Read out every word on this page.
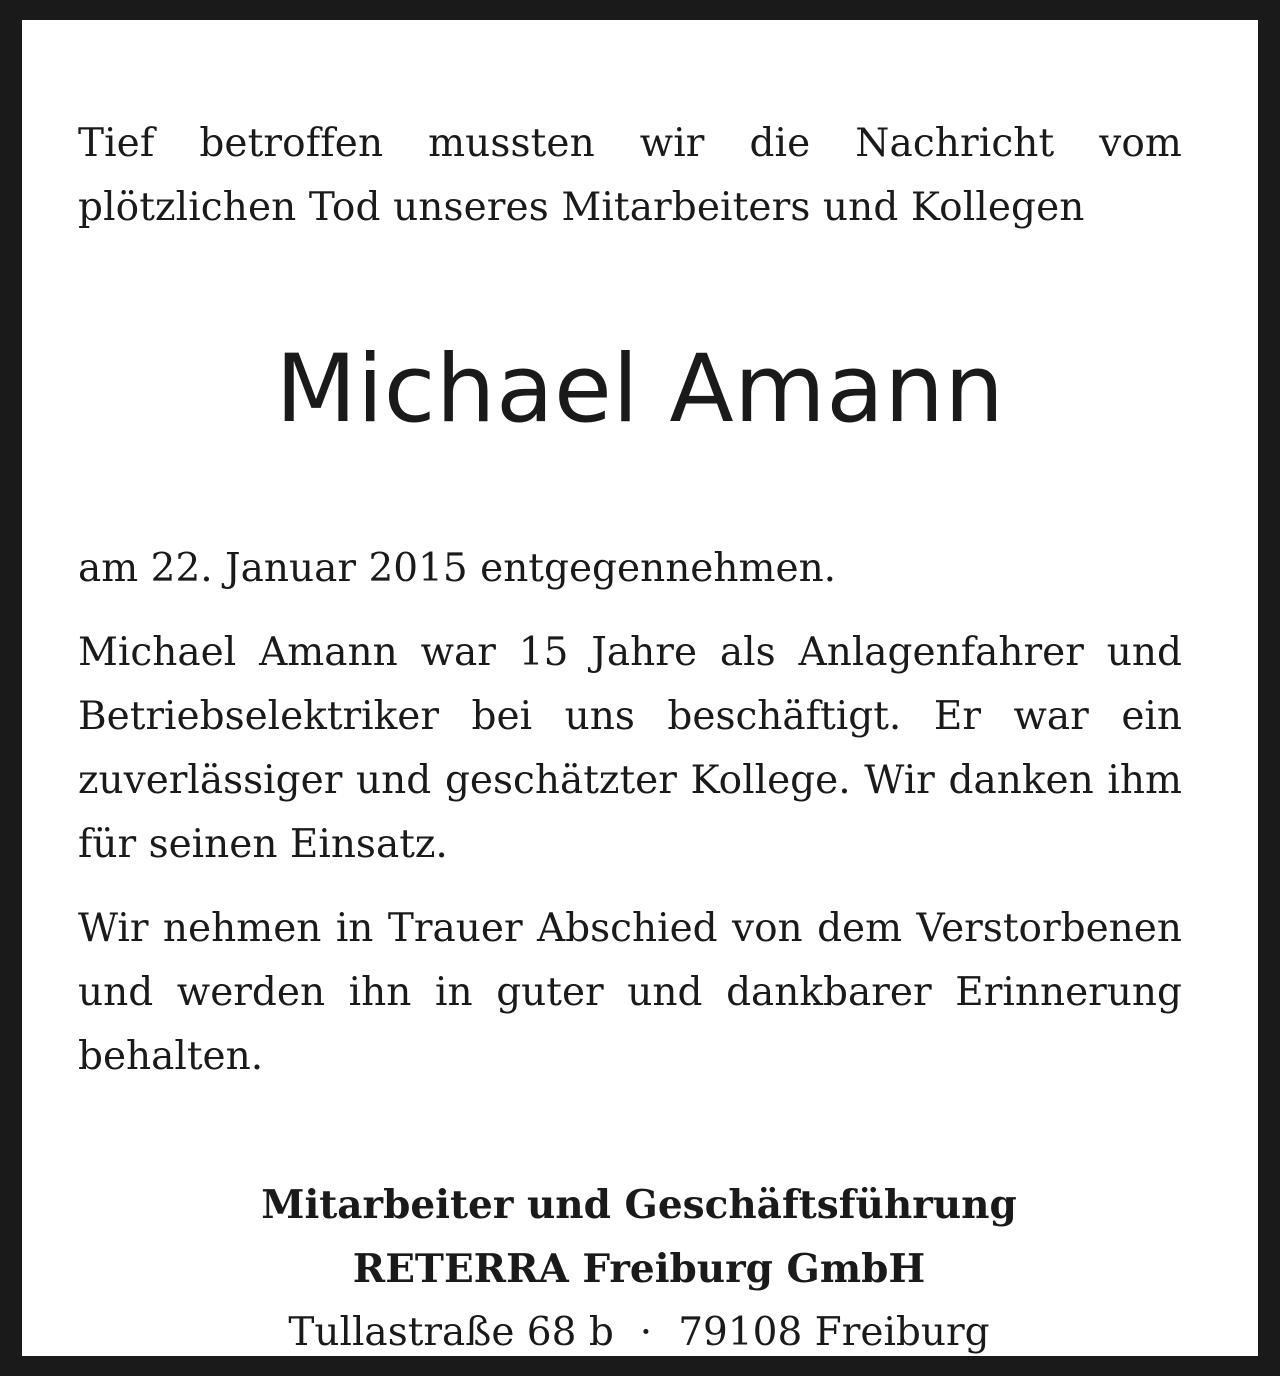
Tief betroffen mussten wir die Nachricht vom plötzlichen Tod unseres Mitarbeiters und Kollegen

Michael Amann

am 22. Januar 2015 entgegennehmen.

Michael Amann war 15 Jahre als Anlagenfahrer und Betriebselektriker bei uns beschäftigt. Er war ein zuverlässiger und geschätzter Kollege. Wir danken ihm für seinen Einsatz.

Wir nehmen in Trauer Abschied von dem Verstorbenen und werden ihn in guter und dankbarer Erinnerung behalten.

Mitarbeiter und Geschäftsführung
RETERRA Freiburg GmbH
Tullastraße 68 b · 79108 Freiburg
